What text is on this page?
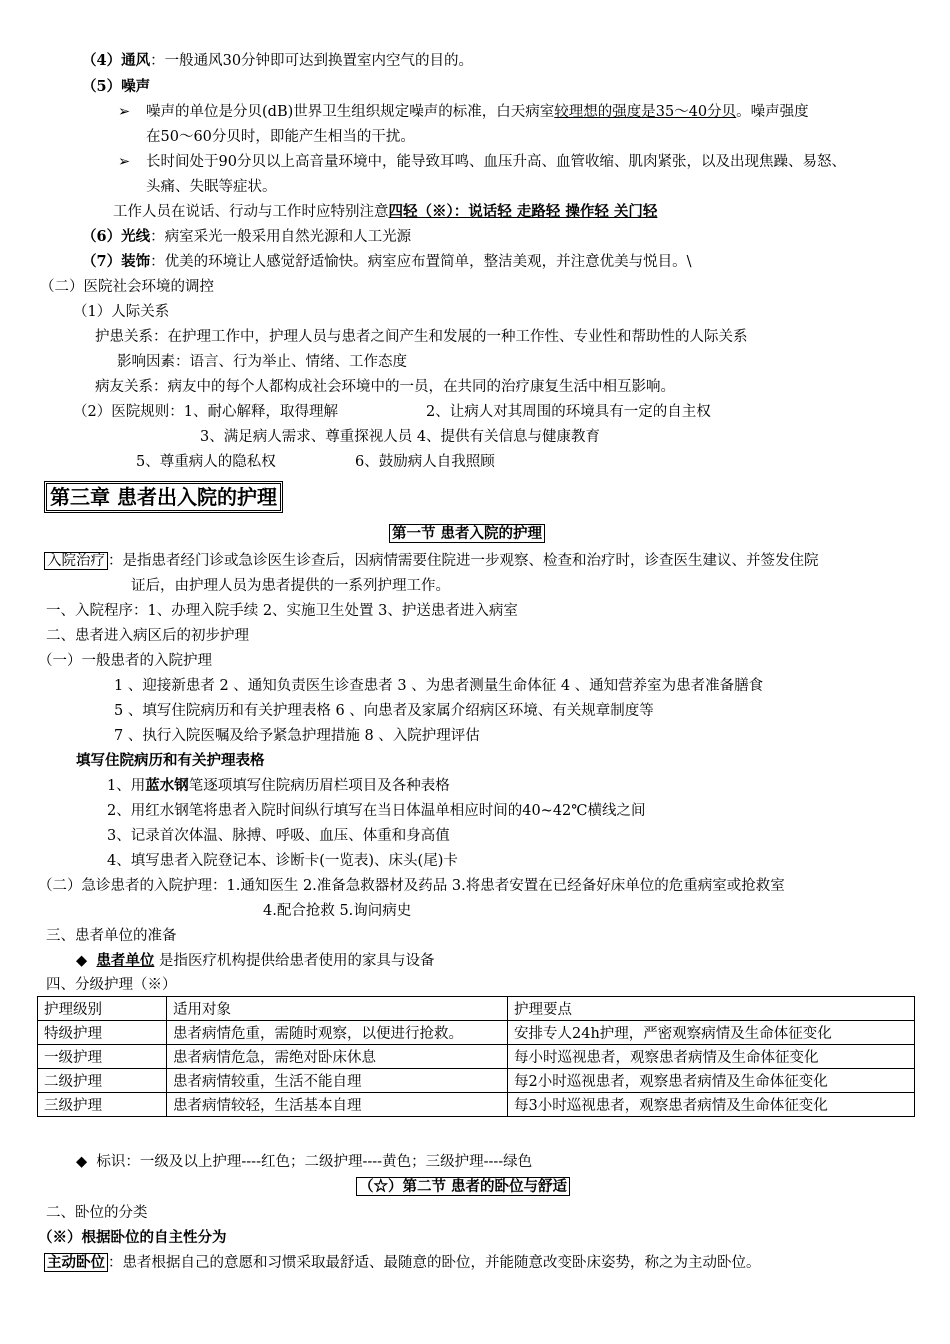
（4）通风：一般通风30分钟即可达到换置室内空气的目的。
（5）噪声
➢ 噪声的单位是分贝(dB)世界卫生组织规定噪声的标准，白天病室较理想的强度是35～40分贝。噪声强度
在50～60分贝时，即能产生相当的干扰。
➢ 长时间处于90分贝以上高音量环境中，能导致耳鸣、血压升高、血管收缩、肌肉紧张，以及出现焦躁、易怒、
头痛、失眠等症状。
工作人员在说话、行动与工作时应特别注意四轻（※）：说话轻 走路轻 操作轻 关门轻
（6）光线：病室采光一般采用自然光源和人工光源
（7）装饰：优美的环境让人感觉舒适愉快。病室应布置简单，整洁美观，并注意优美与悦目。\
（二）医院社会环境的调控
（1）人际关系
护患关系：在护理工作中，护理人员与患者之间产生和发展的一种工作性、专业性和帮助性的人际关系
影响因素：语言、行为举止、情绪、工作态度
病友关系：病友中的每个人都构成社会环境中的一员，在共同的治疗康复生活中相互影响。
（2）医院规则：1、耐心解释，取得理解	2、让病人对其周围的环境具有一定的自主权
3、满足病人需求、尊重探视人员 4、提供有关信息与健康教育
5、尊重病人的隐私权	6、鼓励病人自我照顾
第三章 患者出入院的护理
第一节 患者入院的护理
入院治疗 ：是指患者经门诊或急诊医生诊查后，因病情需要住院进一步观察、检查和治疗时，诊查医生建议、并签发住院
证后，由护理人员为患者提供的一系列护理工作。
一、入院程序：1、办理入院手续 2、实施卫生处置 3、护送患者进入病室
二、患者进入病区后的初步护理
（一）一般患者的入院护理
1 、迎接新患者 2 、通知负责医生诊查患者 3 、为患者测量生命体征 4 、通知营养室为患者准备膳食
5 、填写住院病历和有关护理表格 6 、向患者及家属介绍病区环境、有关规章制度等
7 、执行入院医嘱及给予紧急护理措施 8 、入院护理评估
填写住院病历和有关护理表格
1、用蓝水钢笔逐项填写住院病历眉栏项目及各种表格
2、用红水钢笔将患者入院时间纵行填写在当日体温单相应时间的40~42℃横线之间
3、记录首次体温、脉搏、呼吸、血压、体重和身高值
4、填写患者入院登记本、诊断卡(一览表)、床头(尾)卡
（二）急诊患者的入院护理：1.通知医生 2.准备急救器材及药品 3.将患者安置在已经备好床单位的危重病室或抢救室
4.配合抢救 5.询问病史
三、患者单位的准备
◆ 患者单位 是指医疗机构提供给患者使用的家具与设备
四、分级护理（※）
护理级别	适用对象	护理要点
特级护理	患者病情危重，需随时观察，以便进行抢救。	安排专人24h护理，严密观察病情及生命体征变化
一级护理	患者病情危急，需绝对卧床休息	每小时巡视患者，观察患者病情及生命体征变化
二级护理	患者病情较重，生活不能自理	每2小时巡视患者，观察患者病情及生命体征变化
三级护理	患者病情较轻，生活基本自理	每3小时巡视患者，观察患者病情及生命体征变化
◆ 标识：一级及以上护理----红色；二级护理----黄色；三级护理----绿色
（☆）第二节 患者的卧位与舒适
二、卧位的分类
（※）根据卧位的自主性分为
主动卧位 ：患者根据自己的意愿和习惯采取最舒适、最随意的卧位，并能随意改变卧床姿势，称之为主动卧位。
